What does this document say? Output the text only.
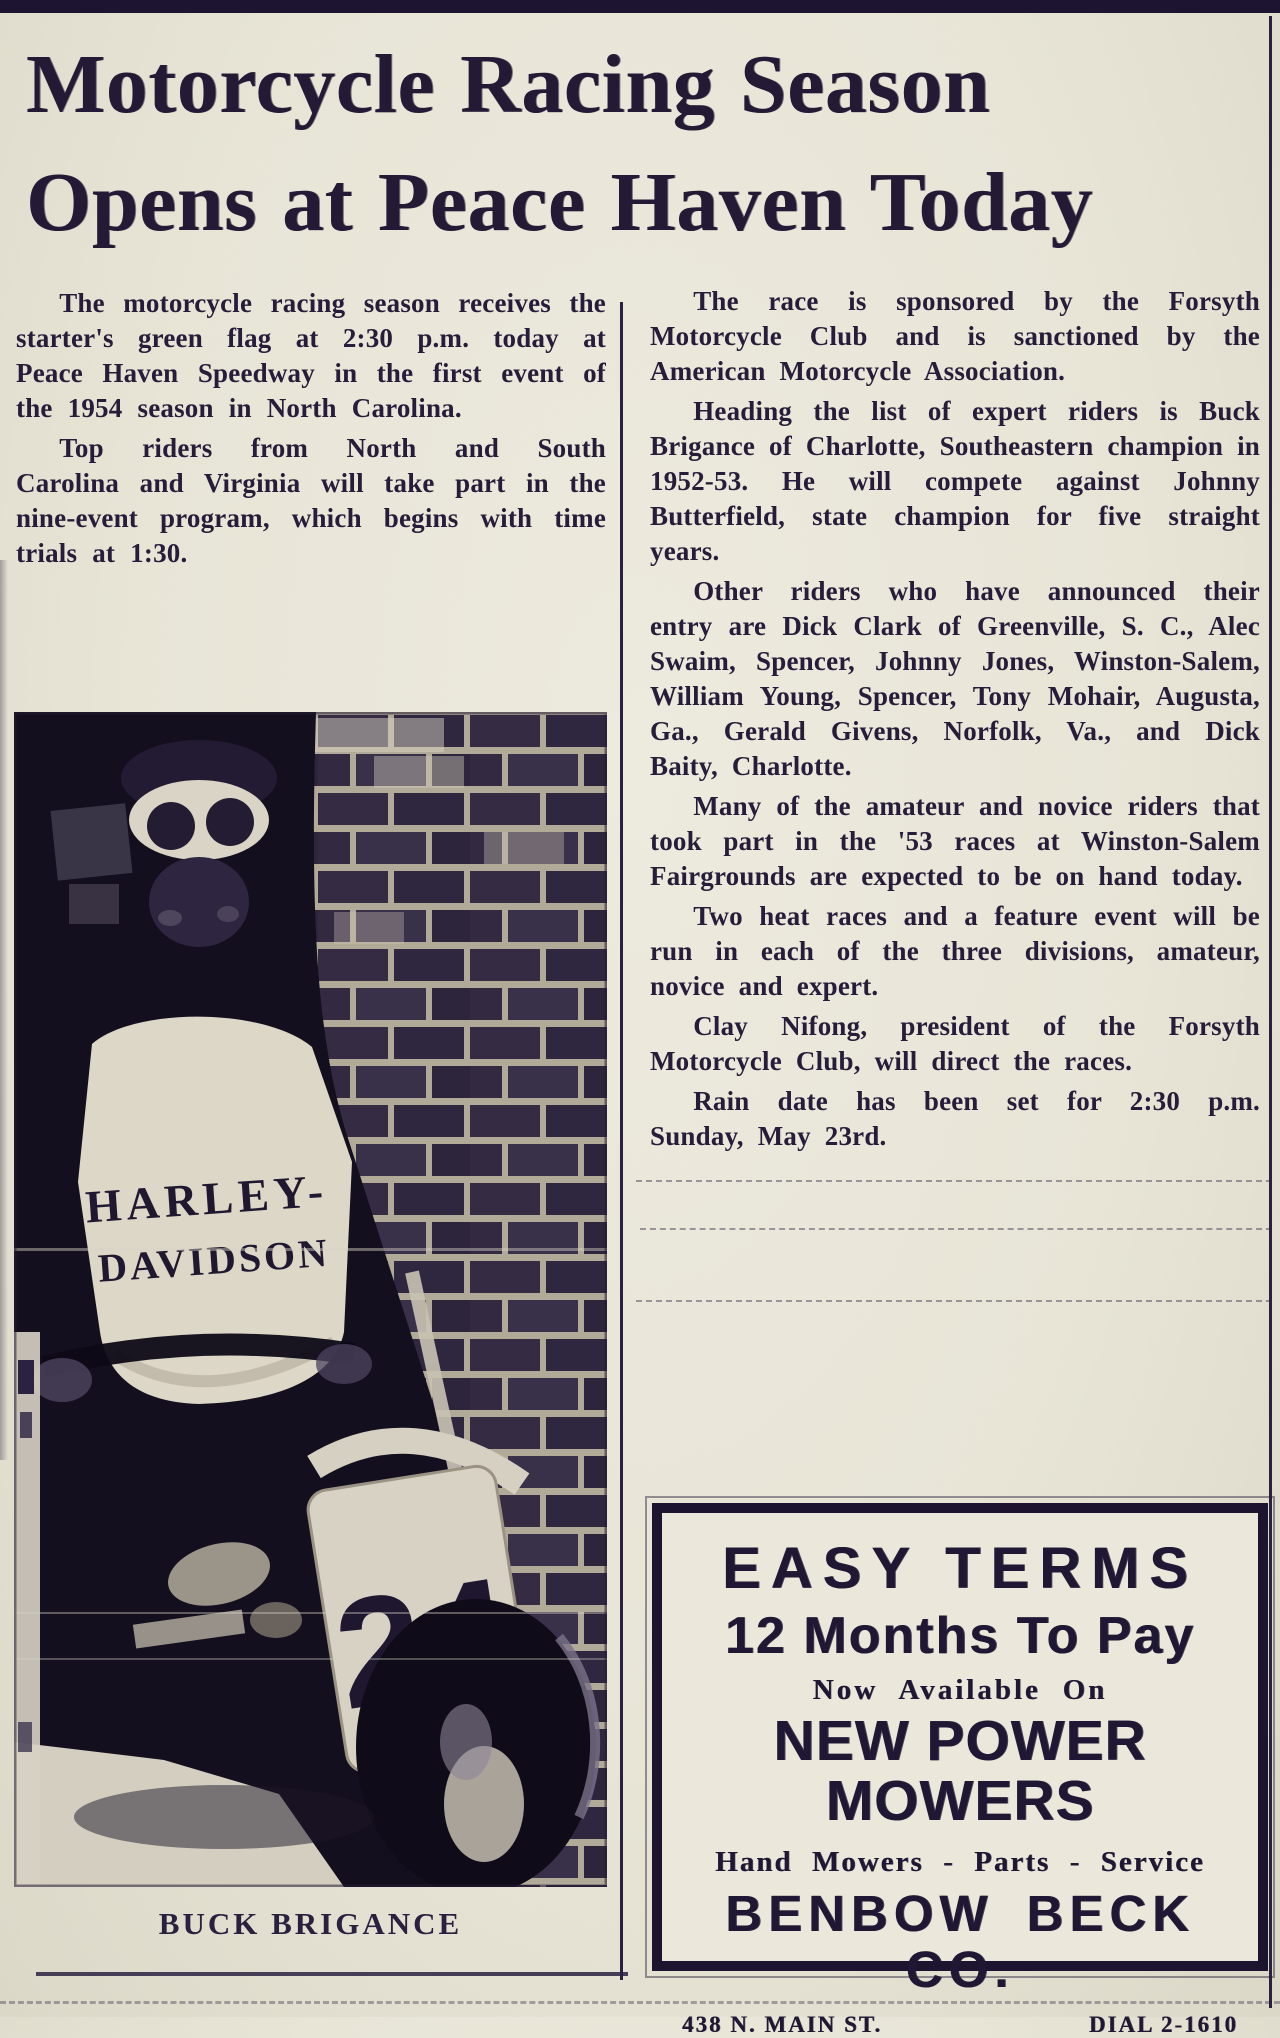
Motorcycle Racing Season
Opens at Peace Haven Today

The motorcycle racing season receives the starter's green flag at 2:30 p.m. today at Peace Haven Speedway in the first event of the 1954 season in North Carolina.

Top riders from North and South Carolina and Virginia will take part in the nine-event program, which begins with time trials at 1:30.

The race is sponsored by the Forsyth Motorcycle Club and is sanctioned by the American Motorcycle Association.

Heading the list of expert riders is Buck Brigance of Charlotte, Southeastern champion in 1952-53. He will compete against Johnny Butterfield, state champion for five straight years.

Other riders who have announced their entry are Dick Clark of Greenville, S. C., Alec Swaim, Spencer, Johnny Jones, Winston-Salem, William Young, Spencer, Tony Mohair, Augusta, Ga., Gerald Givens, Norfolk, Va., and Dick Baity, Charlotte.

Many of the amateur and novice riders that took part in the '53 races at Winston-Salem Fairgrounds are expected to be on hand today.

Two heat races and a feature event will be run in each of the three divisions, amateur, novice and expert.

Clay Nifong, president of the Forsyth Motorcycle Club, will direct the races.

Rain date has been set for 2:30 p.m. Sunday, May 23rd.

HARLEY-
DAVIDSON
BUCK BRIGANCE
EASY TERMS
12 Months To Pay
Now Available On
NEW POWER MOWERS
Hand Mowers - Parts - Service
BENBOW BECK CO.
438 N. MAIN ST.	DIAL 2-1610
